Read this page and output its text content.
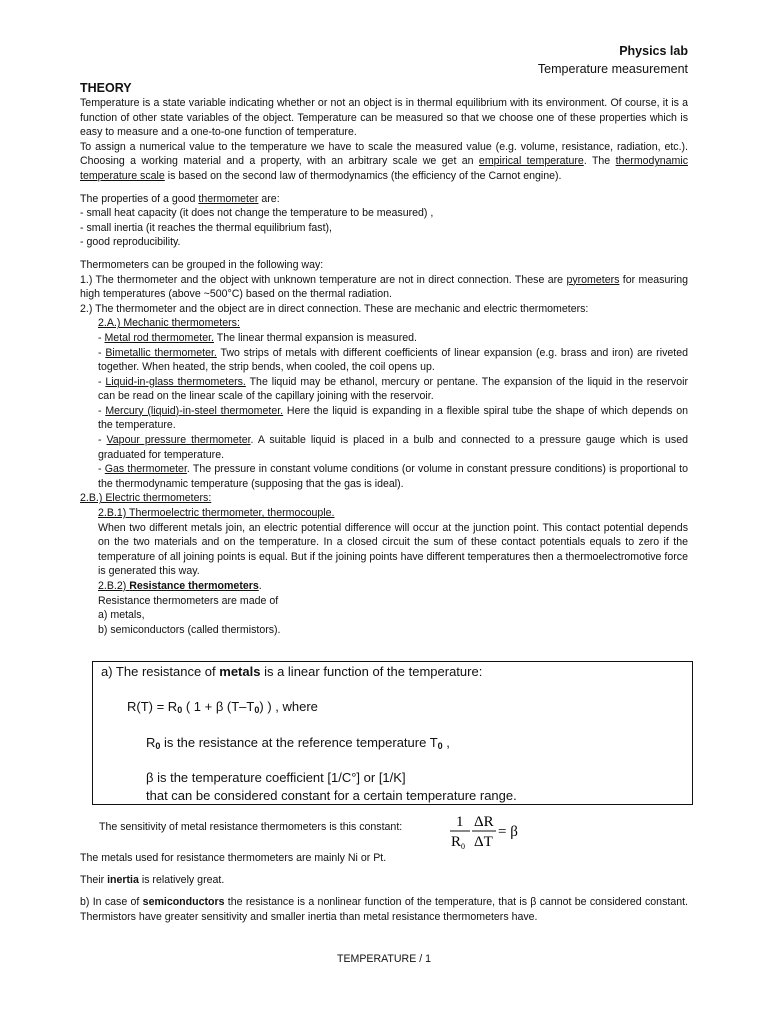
Physics lab
Temperature measurement
THEORY

Temperature is a state variable indicating whether or not an object is in thermal equilibrium with its environment. Of course, it is a function of other state variables of the object. Temperature can be measured so that we choose one of these properties which is easy to measure and a one-to-one function of temperature.

To assign a numerical value to the temperature we have to scale the measured value (e.g. volume, resistance, radiation, etc.). Choosing a working material and a property, with an arbitrary scale we get an empirical temperature. The thermodynamic temperature scale is based on the second law of thermodynamics (the efficiency of the Carnot engine).

The properties of a good thermometer are:

- small heat capacity (it does not change the temperature to be measured) ,

- small inertia (it reaches the thermal equilibrium fast),

- good reproducibility.

Thermometers can be grouped in the following way:

1.) The thermometer and the object with unknown temperature are not in direct connection. These are pyrometers for measuring high temperatures (above ~500°C) based on the thermal radiation.

2.) The thermometer and the object are in direct connection. These are mechanic and electric thermometers:

2.A.) Mechanic thermometers:

- Metal rod thermometer. The linear thermal expansion is measured.

- Bimetallic thermometer. Two strips of metals with different coefficients of linear expansion (e.g. brass and iron) are riveted together. When heated, the strip bends, when cooled, the coil opens up.

- Liquid-in-glass thermometers. The liquid may be ethanol, mercury or pentane. The expansion of the liquid in the reservoir can be read on the linear scale of the capillary joining with the reservoir.

- Mercury (liquid)-in-steel thermometer. Here the liquid is expanding in a flexible spiral tube the shape of which depends on the temperature.

- Vapour pressure thermometer. A suitable liquid is placed in a bulb and connected to a pressure gauge which is used graduated for temperature.

- Gas thermometer. The pressure in constant volume conditions (or volume in constant pressure conditions) is proportional to the thermodynamic temperature (supposing that the gas is ideal).

2.B.) Electric thermometers:

2.B.1) Thermoelectric thermometer, thermocouple.

When two different metals join, an electric potential difference will occur at the junction point. This contact potential depends on the two materials and on the temperature. In a closed circuit the sum of these contact potentials equals to zero if the temperature of all joining points is equal. But if the joining points have different temperatures then a thermoelectromotive force is generated this way.

2.B.2) Resistance thermometers.

Resistance thermometers are made of

a) metals,

b) semiconductors (called thermistors).

a) The resistance of metals is a linear function of the temperature:
$R(T) = R_0$ ( 1 + β $(T-T_0)$ ) , where
$R_0$ is the resistance at the reference temperature $T_0$ ,
β is the temperature coefficient [1/C°] or [1/K]
that can be considered constant for a certain temperature range.
The sensitivity of metal resistance thermometers is this constant:	1
R 0
ΔR
ΔT
= β

The metals used for resistance thermometers are mainly Ni or Pt.

Their inertia is relatively great.

b) In case of semiconductors the resistance is a nonlinear function of the temperature, that is β cannot be considered constant. Thermistors have greater sensitivity and smaller inertia than metal resistance thermometers have.

TEMPERATURE / 1
